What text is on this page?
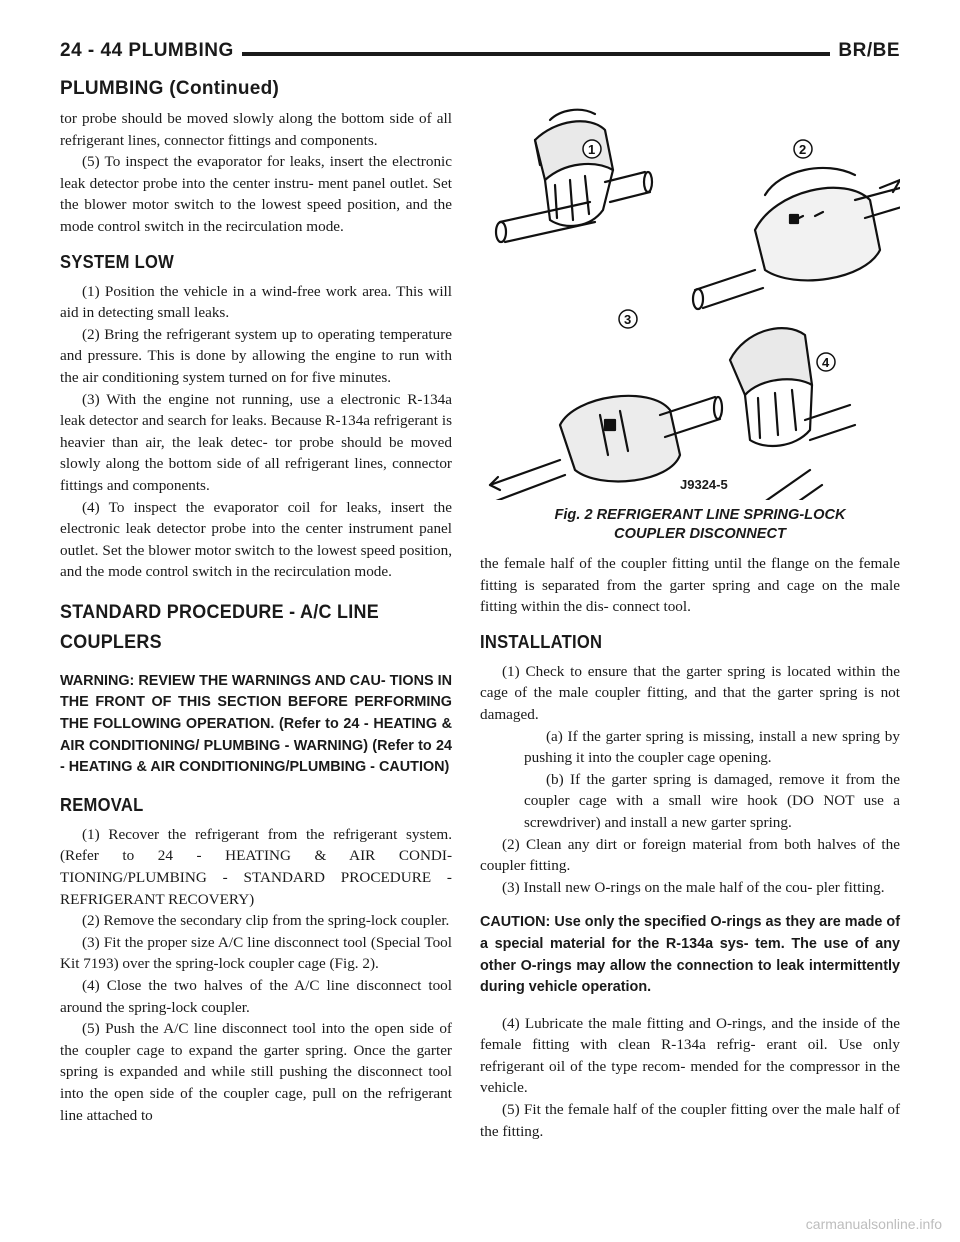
24 - 44 PLUMBING	BR/BE
PLUMBING (Continued)

tor probe should be moved slowly along the bottom side of all refrigerant lines, connector fittings and components.

(5) To inspect the evaporator for leaks, insert the electronic leak detector probe into the center instru- ment panel outlet. Set the blower motor switch to the lowest speed position, and the mode control switch in the recirculation mode.

SYSTEM LOW

(1) Position the vehicle in a wind-free work area. This will aid in detecting small leaks.

(2) Bring the refrigerant system up to operating temperature and pressure. This is done by allowing the engine to run with the air conditioning system turned on for five minutes.

(3) With the engine not running, use a electronic R-134a leak detector and search for leaks. Because R-134a refrigerant is heavier than air, the leak detec- tor probe should be moved slowly along the bottom side of all refrigerant lines, connector fittings and components.

(4) To inspect the evaporator coil for leaks, insert the electronic leak detector probe into the center instrument panel outlet. Set the blower motor switch to the lowest speed position, and the mode control switch in the recirculation mode.

STANDARD PROCEDURE - A/C LINE
COUPLERS
WARNING: REVIEW THE WARNINGS AND CAU- TIONS IN THE FRONT OF THIS SECTION BEFORE PERFORMING THE FOLLOWING OPERATION. (Refer to 24 - HEATING & AIR CONDITIONING/ PLUMBING - WARNING) (Refer to 24 - HEATING & AIR CONDITIONING/PLUMBING - CAUTION)
REMOVAL

(1) Recover the refrigerant from the refrigerant system. (Refer to 24 - HEATING & AIR CONDI- TIONING/PLUMBING - STANDARD PROCEDURE - REFRIGERANT RECOVERY)

(2) Remove the secondary clip from the spring-lock coupler.

(3) Fit the proper size A/C line disconnect tool (Special Tool Kit 7193) over the spring-lock coupler cage (Fig. 2).

(4) Close the two halves of the A/C line disconnect tool around the spring-lock coupler.

(5) Push the A/C line disconnect tool into the open side of the coupler cage to expand the garter spring. Once the garter spring is expanded and while still pushing the disconnect tool into the open side of the coupler cage, pull on the refrigerant line attached to

1	2
3
4
J9324-5
Fig. 2 REFRIGERANT LINE SPRING-LOCK
COUPLER DISCONNECT

the female half of the coupler fitting until the flange on the female fitting is separated from the garter spring and cage on the male fitting within the dis- connect tool.

INSTALLATION

(1) Check to ensure that the garter spring is located within the cage of the male coupler fitting, and that the garter spring is not damaged.

(a) If the garter spring is missing, install a new spring by pushing it into the coupler cage opening.

(b) If the garter spring is damaged, remove it from the coupler cage with a small wire hook (DO NOT use a screwdriver) and install a new garter spring.

(2) Clean any dirt or foreign material from both halves of the coupler fitting.

(3) Install new O-rings on the male half of the cou- pler fitting.

CAUTION: Use only the specified O-rings as they are made of a special material for the R-134a sys- tem. The use of any other O-rings may allow the connection to leak intermittently during vehicle operation.

(4) Lubricate the male fitting and O-rings, and the inside of the female fitting with clean R-134a refrig- erant oil. Use only refrigerant oil of the type recom- mended for the compressor in the vehicle.

(5) Fit the female half of the coupler fitting over the male half of the fitting.

carmanualsonline.info
